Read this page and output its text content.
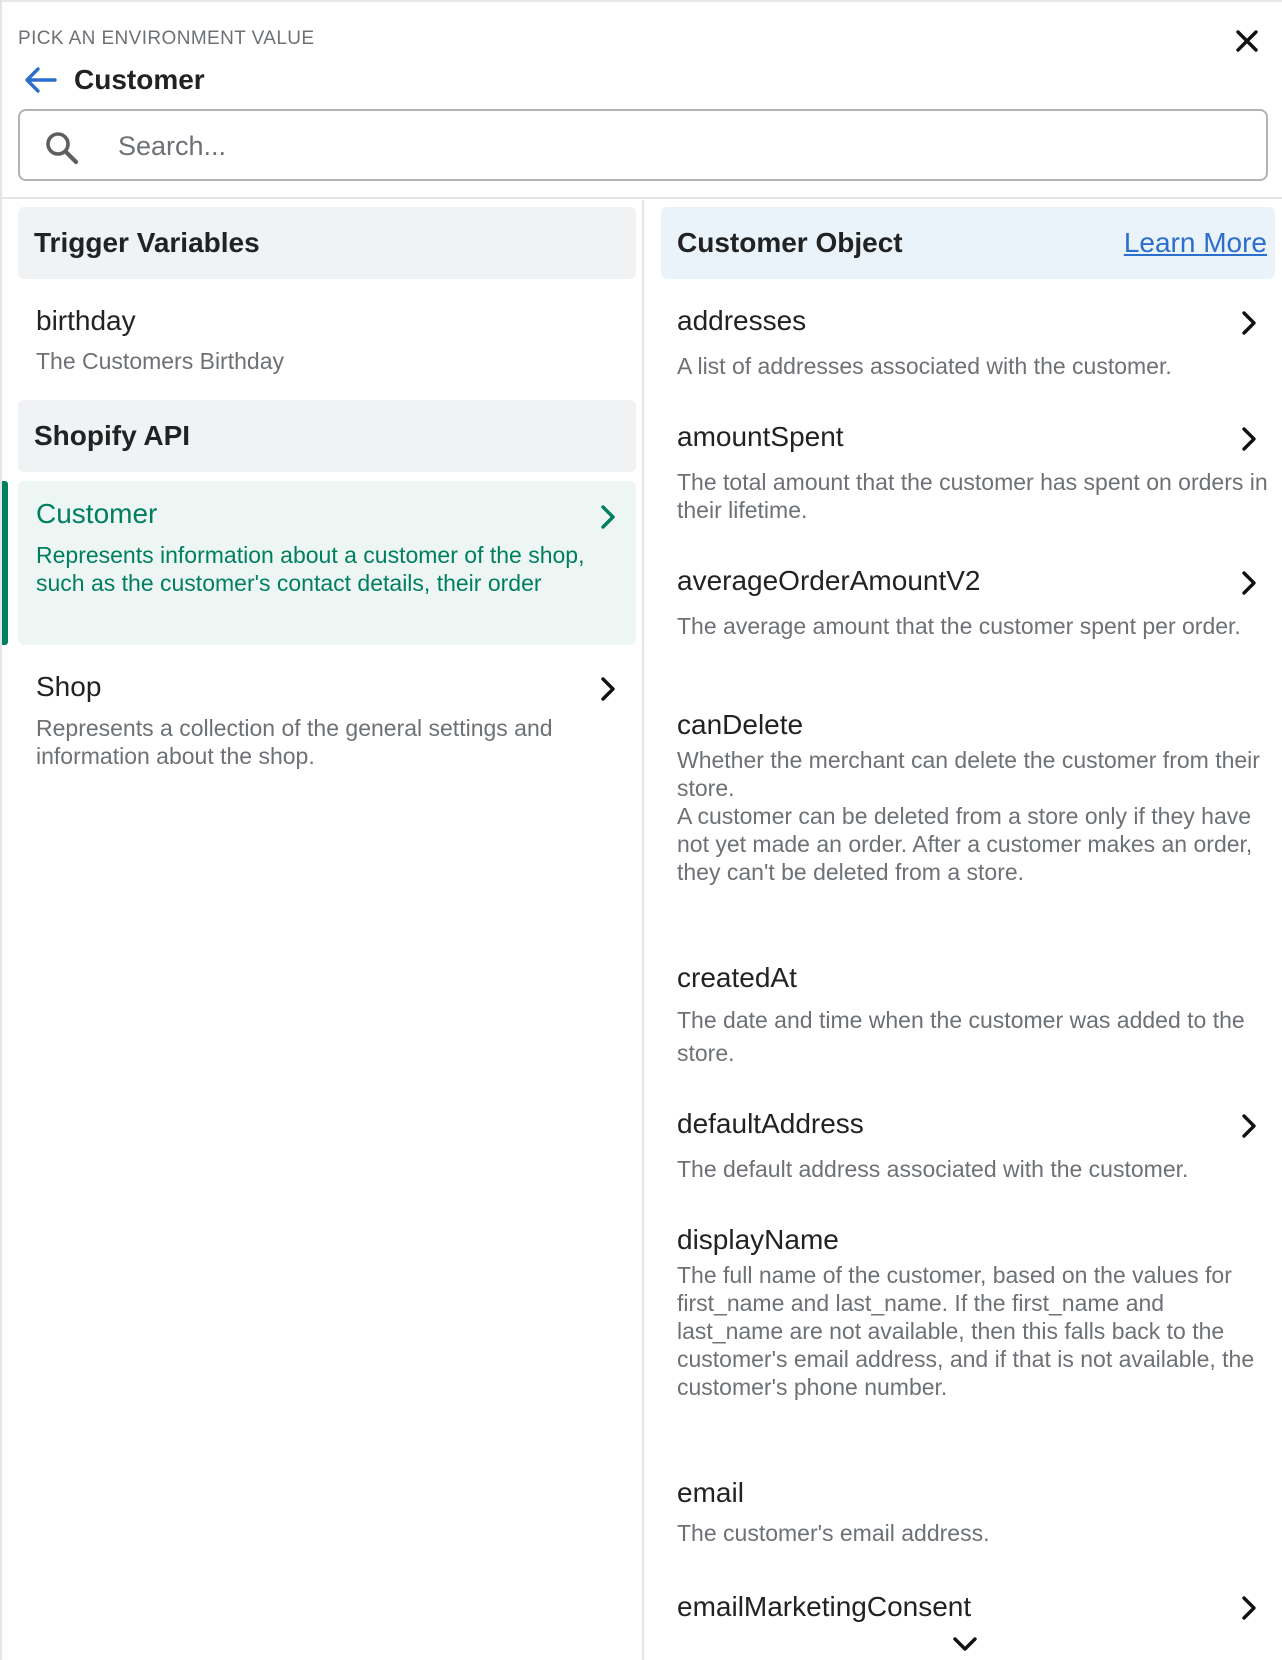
PICK AN ENVIRONMENT VALUE
Customer
Search...
Trigger Variables
birthday
The Customers Birthday
Shopify API
Customer
Represents information about a customer of the shop, such as the customer's contact details, their order
Shop
Represents a collection of the general settings and information about the shop.
Customer Object	Learn More
addresses
A list of addresses associated with the customer.
amountSpent
The total amount that the customer has spent on orders in their lifetime.
averageOrderAmountV2
The average amount that the customer spent per order.
canDelete
Whether the merchant can delete the customer from their store.
A customer can be deleted from a store only if they have not yet made an order. After a customer makes an order, they can't be deleted from a store.
createdAt
The date and time when the customer was added to the store.
defaultAddress
The default address associated with the customer.
displayName
The full name of the customer, based on the values for first_name and last_name. If the first_name and last_name are not available, then this falls back to the customer's email address, and if that is not available, the customer's phone number.
email
The customer's email address.
emailMarketingConsent
